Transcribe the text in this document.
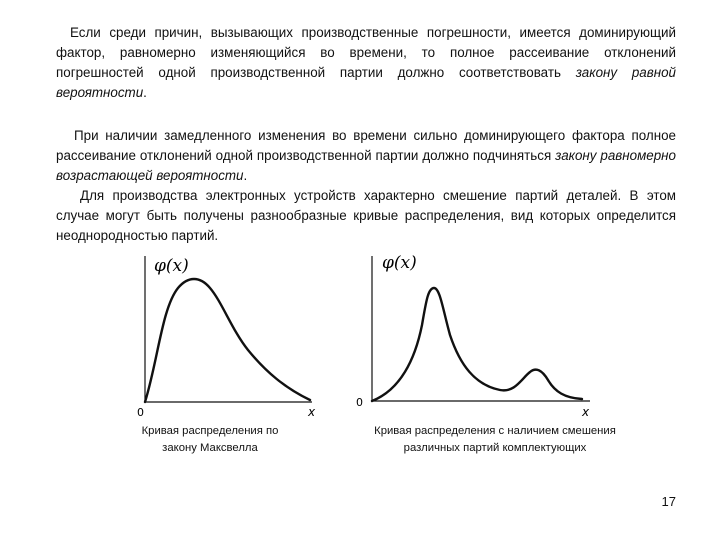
Если среди причин, вызывающих производственные погрешности, имеется доминирующий фактор, равномерно изменяющийся во времени, то полное рассеивание отклонений погрешностей одной производственной партии должно соответствовать закону равной вероятности.

При наличии замедленного изменения во времени сильно доминирующего фактора полное рассеивание отклонений одной производственной партии должно подчиняться закону равномерно возрастающей вероятности.

Для производства электронных устройств характерно смешение партий деталей. В этом случае могут быть получены разнообразные кривые распределения, вид которых определится неоднородностью партий.

φ(x)
0	x
Кривая распределения по
закону Максвелла
φ(x)
0
x
Кривая распределения с наличием смешения
различных партий комплектующих
17
